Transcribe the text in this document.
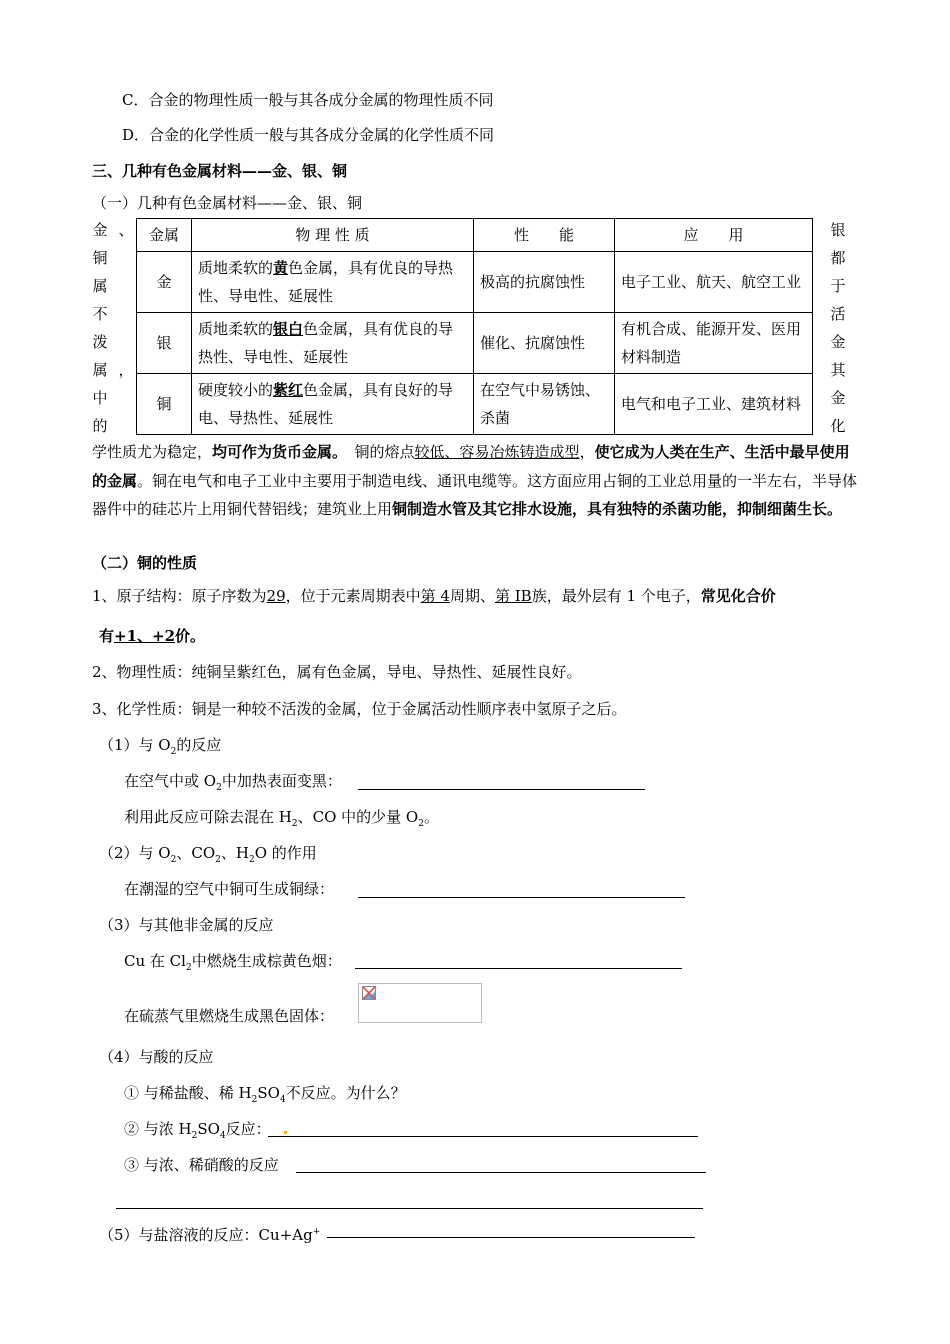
C．合金的物理性质一般与其各成分金属的物理性质不同
D．合金的化学性质一般与其各成分金属的化学性质不同
三、几种有色金属材料——金、银、铜
（一）几种有色金属材料——金、银、铜
金 、
铜
属
不
泼
属 ，
中
的
银
都
于
活
金
其
金
化
金属	物 理 性 质	性　　能	应　　用
金	质地柔软的黄色金属，具有优良的导热性、导电性、延展性	极高的抗腐蚀性	电子工业、航天、航空工业
银	质地柔软的银白色金属，具有优良的导热性、导电性、延展性	催化、抗腐蚀性	有机合成、能源开发、医用材料制造
铜	硬度较小的紫红色金属，具有良好的导电、导热性、延展性	在空气中易锈蚀、杀菌	电气和电子工业、建筑材料
学性质尤为稳定，均可作为货币金属。　铜的熔点较低、容易冶炼铸造成型，使它成为人类在生产、生活中最早使用的金属。铜在电气和电子工业中主要用于制造电线、通讯电缆等。这方面应用占铜的工业总用量的一半左右，半导体器件中的硅芯片上用铜代替铝线；建筑业上用铜制造水管及其它排水设施，具有独特的杀菌功能，抑制细菌生长。
（二）铜的性质
1、原子结构：原子序数为29，位于元素周期表中第 4周期、第 IB族，最外层有 1 个电子，常见化合价
有+1、+2价。
2、物理性质：纯铜呈紫红色，属有色金属，导电、导热性、延展性良好。
3、化学性质：铜是一种较不活泼的金属，位于金属活动性顺序表中氢原子之后。
（1）与 $O_2$的反应
在空气中或 $O_2$中加热表面变黑：
利用此反应可除去混在 $H_2$、CO 中的少量 $O_2$。
（2）与 $O_2$、$CO_2$、$H_2O$ 的作用
在潮湿的空气中铜可生成铜绿：
（3）与其他非金属的反应
Cu 在 $Cl_2$中燃烧生成棕黄色烟：
在硫蒸气里燃烧生成黑色固体：
（4）与酸的反应
① 与稀盐酸、稀 $H_2SO_4$不反应。为什么？
② 与浓 $H_2SO_4$反应：
③ 与浓、稀硝酸的反应
（5）与盐溶液的反应：Cu+Ag+
